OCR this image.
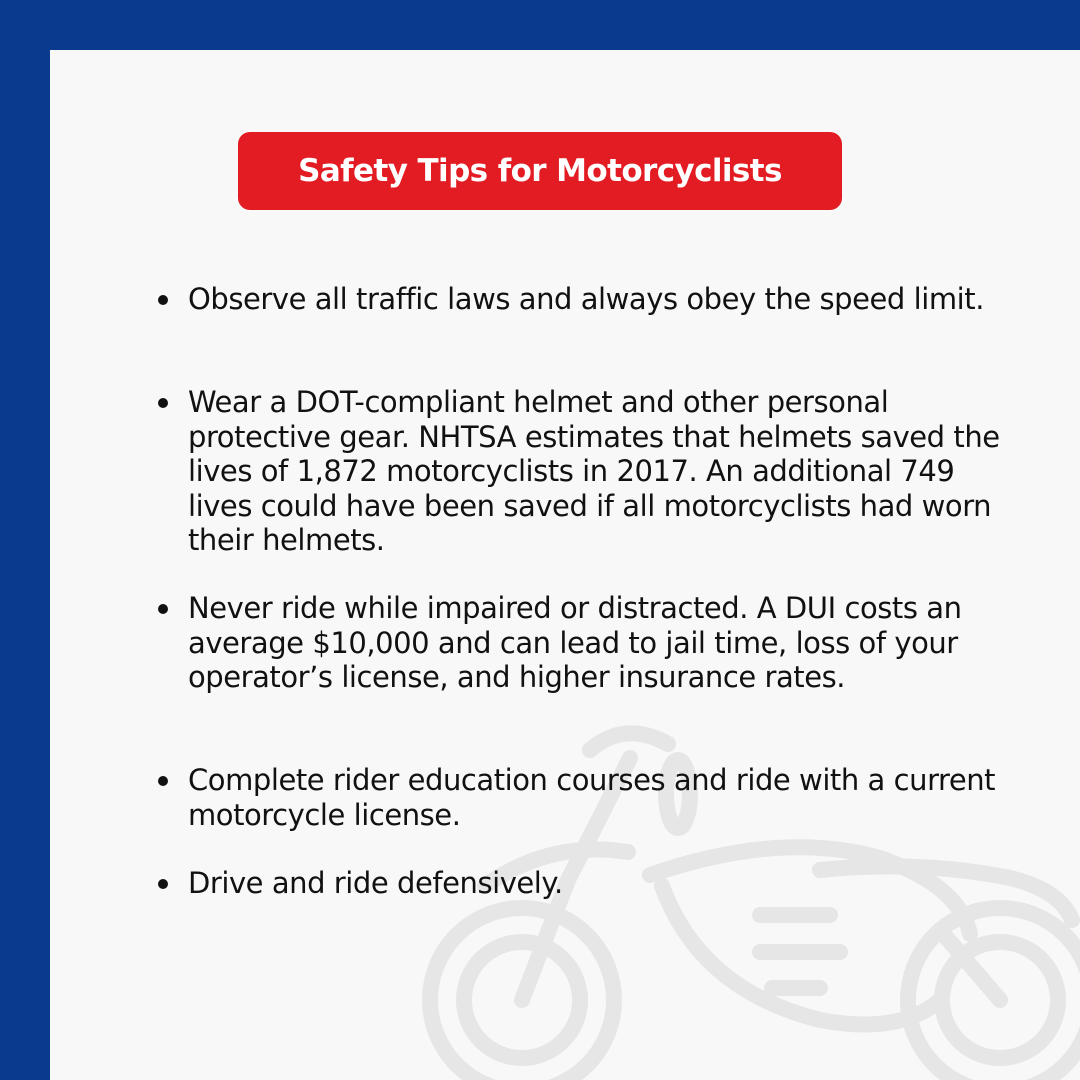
Safety Tips for Motorcyclists
Observe all traffic laws and always obey the speed limit.
Wear a DOT-compliant helmet and other personal protective gear. NHTSA estimates that helmets saved the lives of 1,872 motorcyclists in 2017. An additional 749 lives could have been saved if all motorcyclists had worn their helmets.
Never ride while impaired or distracted. A DUI costs an average $10,000 and can lead to jail time, loss of your operator’s license, and higher insurance rates.
Complete rider education courses and ride with a current motorcycle license.
Drive and ride defensively.
